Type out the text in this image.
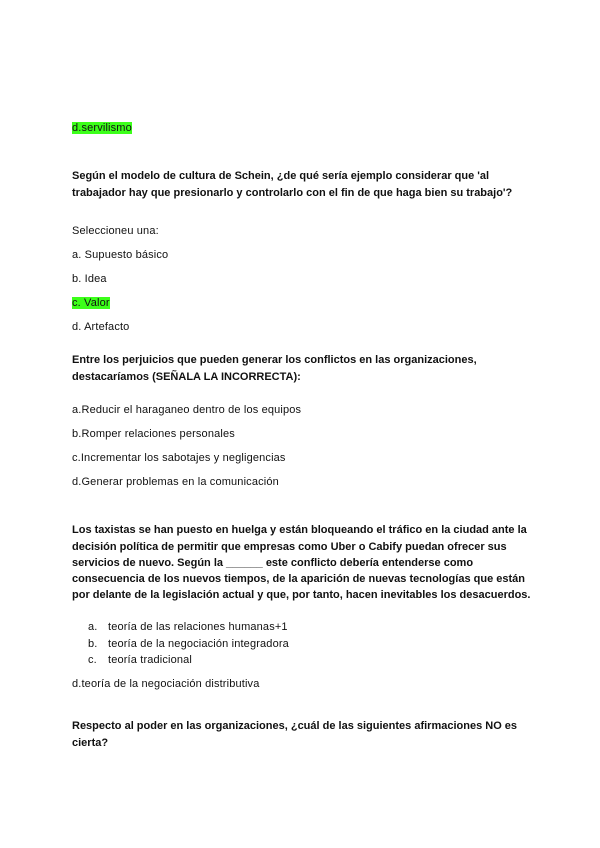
d.servilismo
Según el modelo de cultura de Schein, ¿de qué sería ejemplo considerar que 'al
trabajador hay que presionarlo y controlarlo con el fin de que haga bien su trabajo'?
Seleccioneu una:
a. Supuesto básico
b. Idea
c. Valor
d. Artefacto
Entre los perjuicios que pueden generar los conflictos en las organizaciones,
destacaríamos (SEÑALA LA INCORRECTA):
a.Reducir el haraganeo dentro de los equipos
b.Romper relaciones personales
c.Incrementar los sabotajes y negligencias
d.Generar problemas en la comunicación
Los taxistas se han puesto en huelga y están bloqueando el tráfico en la ciudad ante la
decisión política de permitir que empresas como Uber o Cabify puedan ofrecer sus
servicios de nuevo. Según la ______ este conflicto debería entenderse como
consecuencia de los nuevos tiempos, de la aparición de nuevas tecnologías que están
por delante de la legislación actual y que, por tanto, hacen inevitables los desacuerdos.
a. teoría de las relaciones humanas+1
b. teoría de la negociación integradora
c. teoría tradicional
d.teoría de la negociación distributiva
Respecto al poder en las organizaciones, ¿cuál de las siguientes afirmaciones NO es
cierta?
